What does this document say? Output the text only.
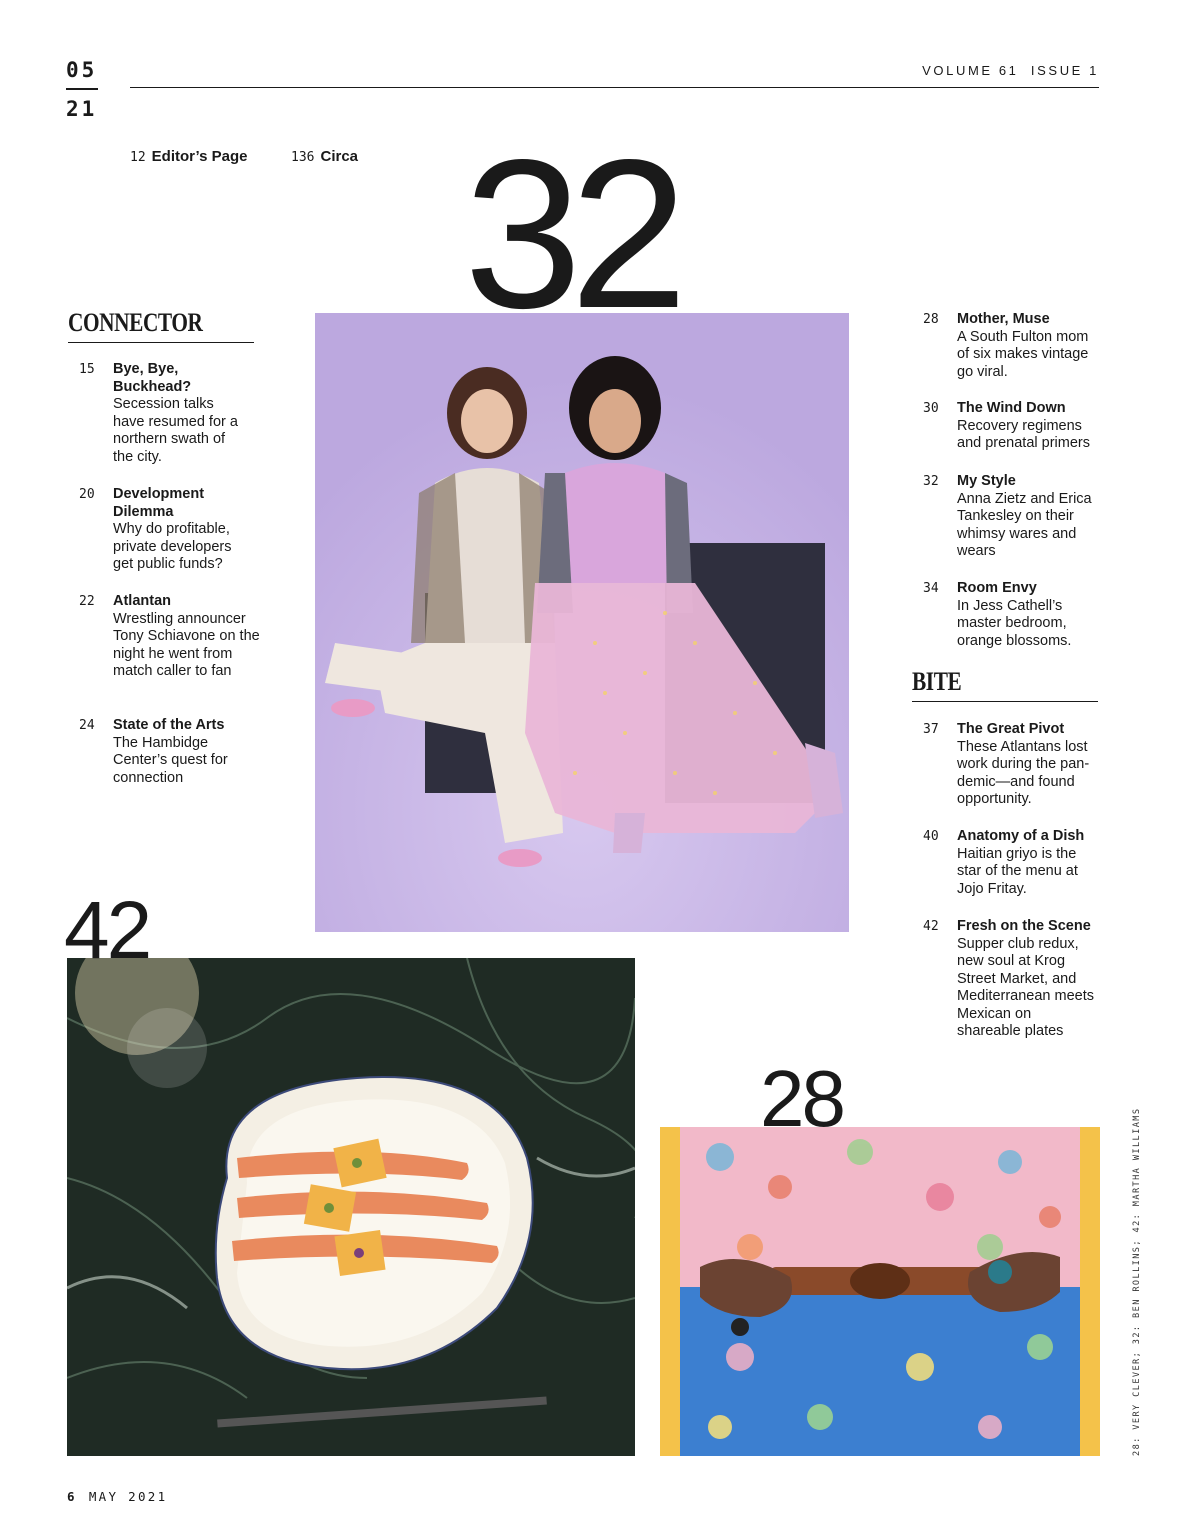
05
21
VOLUME 61  ISSUE 1
12 Editor’s Page	136 Circa 32
CONNECTOR
15 Bye, Bye, Buckhead?
Secession talks have resumed for a northern swath of the city.
20 Development Dilemma
Why do profitable, private developers get public funds?
22 Atlantan
Wrestling announcer Tony Schiavone on the night he went from match caller to fan
24 State of the Arts
The Hambidge Center’s quest for connection
28 Mother, Muse
A South Fulton mom of six makes vintage go viral.
30 The Wind Down
Recovery regimens and prenatal primers
32 My Style
Anna Zietz and Erica Tankesley on their whimsy wares and wears
34 Room Envy
In Jess Cathell’s master bedroom, orange blossoms.
BITE
37 The Great Pivot
These Atlantans lost work during the pan-demic—and found opportunity.
40 Anatomy of a Dish
Haitian griyo is the star of the menu at Jojo Fritay.
42 Fresh on the Scene
Supper club redux, new soul at Krog Street Market, and Mediterranean meets Mexican on shareable plates
42
28
28: VERY CLEVER; 32: BEN ROLLINS; 42: MARTHA WILLIAMS
6 MAY 2021
